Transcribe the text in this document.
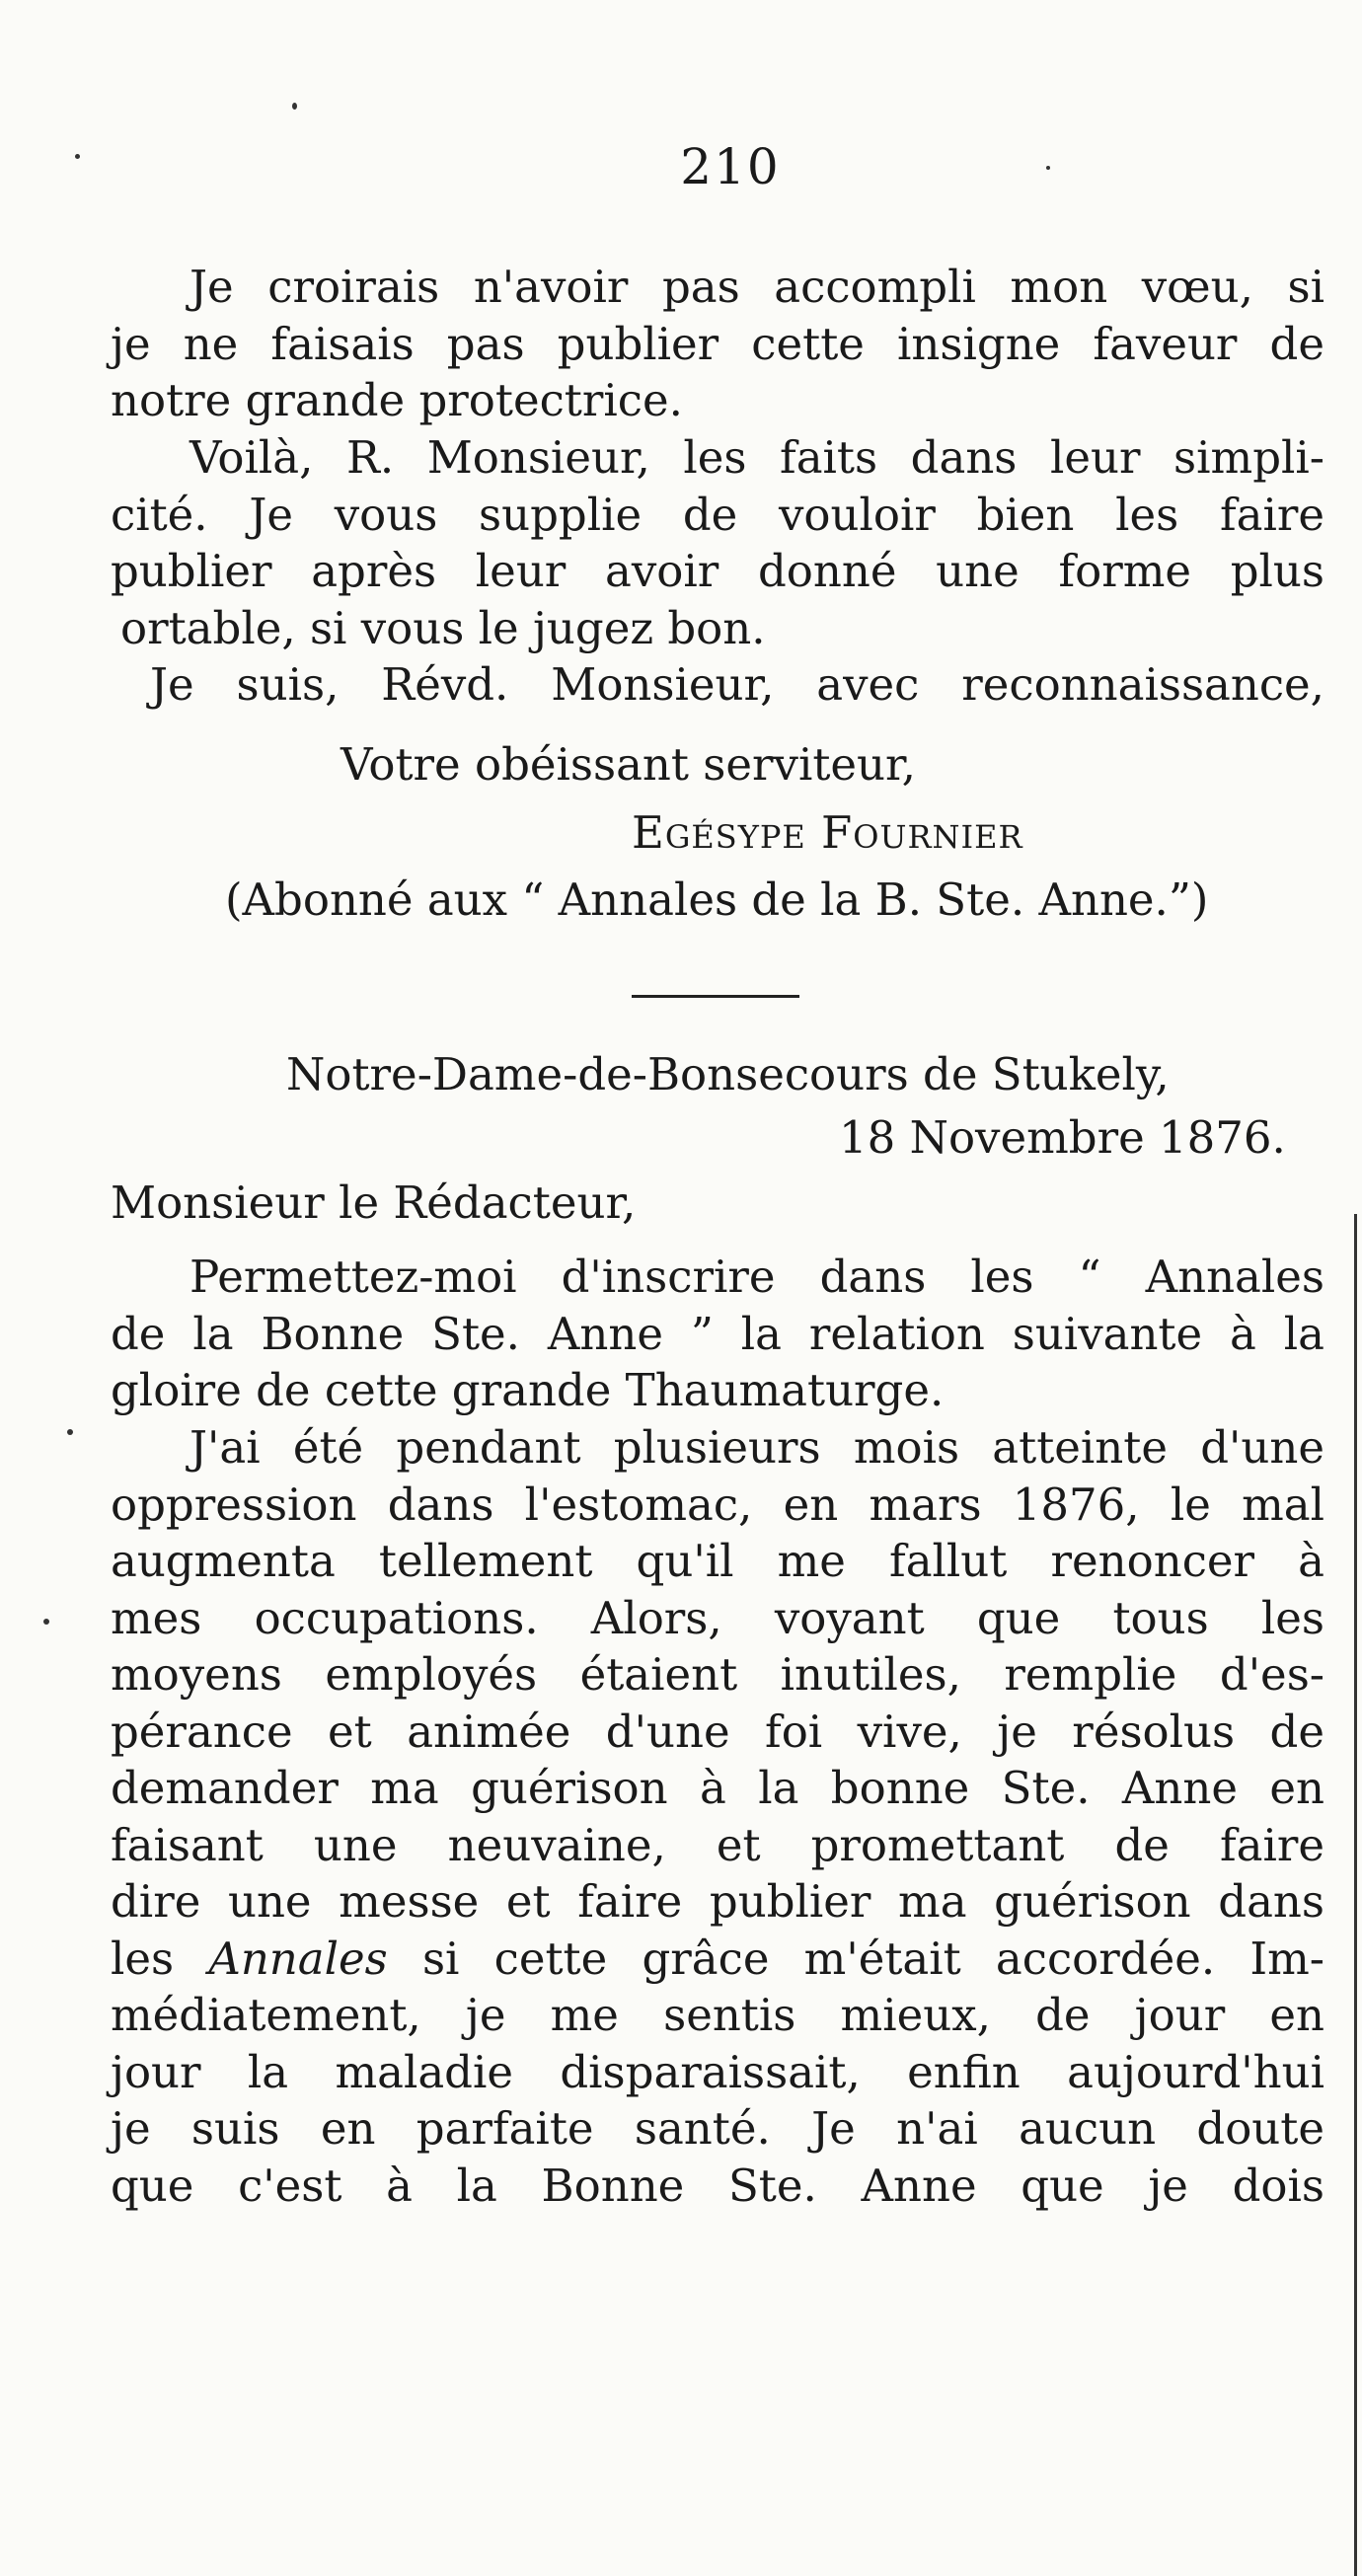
210
Je croirais n'avoir pas accompli mon vœu, si
je ne faisais pas publier cette insigne faveur de
notre grande protectrice.
Voilà, R. Monsieur, les faits dans leur simpli-
cité. Je vous supplie de vouloir bien les faire
publier après leur avoir donné une forme plus
ortable, si vous le jugez bon.
Je suis, Révd. Monsieur, avec reconnaissance,
Votre obéissant serviteur,
Egésype Fournier
(Abonné aux “ Annales de la B. Ste. Anne.”)
Notre-Dame-de-Bonsecours de Stukely,
18 Novembre 1876.
Monsieur le Rédacteur,
Permettez-moi d'inscrire dans les “ Annales
de la Bonne Ste. Anne ” la relation suivante à la
gloire de cette grande Thaumaturge.
J'ai été pendant plusieurs mois atteinte d'une
oppression dans l'estomac, en mars 1876, le mal
augmenta tellement qu'il me fallut renoncer à
mes occupations. Alors, voyant que tous les
moyens employés étaient inutiles, remplie d'es-
pérance et animée d'une foi vive, je résolus de
demander ma guérison à la bonne Ste. Anne en
faisant une neuvaine, et promettant de faire
dire une messe et faire publier ma guérison dans
les Annales si cette grâce m'était accordée. Im-
médiatement, je me sentis mieux, de jour en
jour la maladie disparaissait, enfin aujourd'hui
je suis en parfaite santé. Je n'ai aucun doute
que c'est à la Bonne Ste. Anne que je dois
